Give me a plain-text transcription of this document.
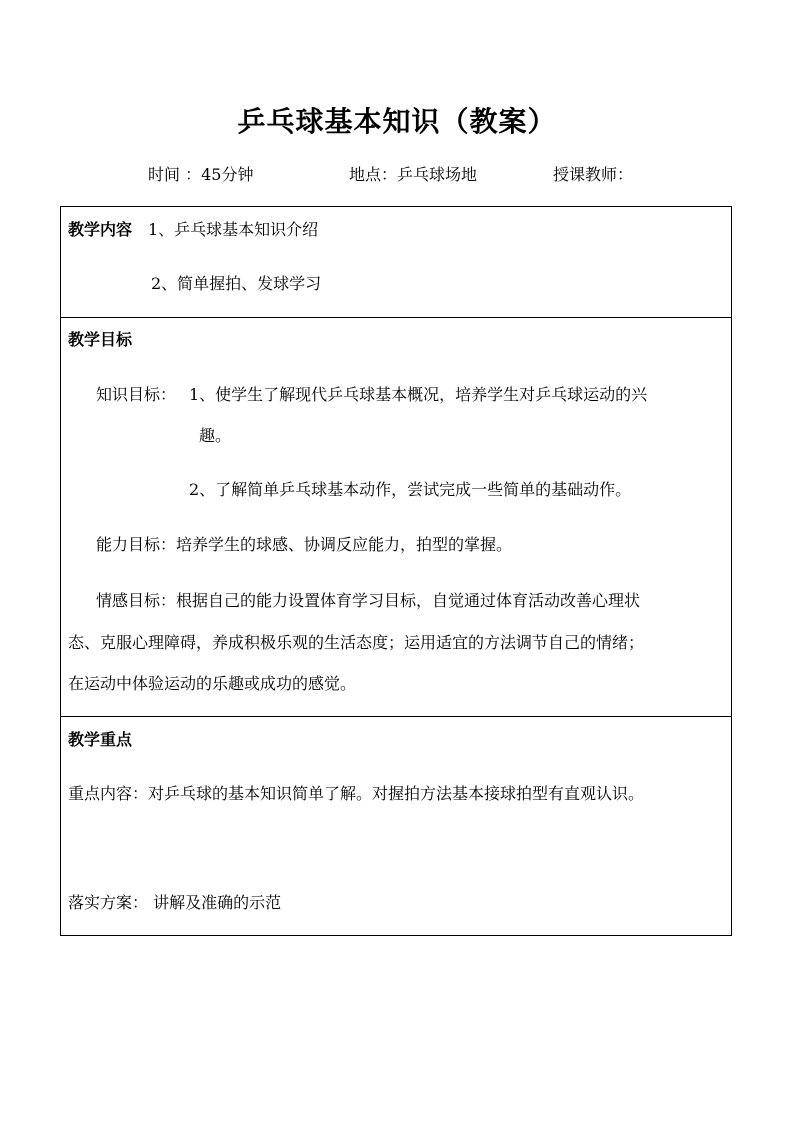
乒乓球基本知识（教案）
时间 ：45分钟	地点：乒乓球场地	授课教师：
教学内容 1、乒乓球基本知识介绍
2、简单握拍、发球学习
教学目标
知识目标： 1、使学生了解现代乒乓球基本概况，培养学生对乒乓球运动的兴
趣。
2、了解简单乒乓球基本动作，尝试完成一些简单的基础动作。
能力目标：培养学生的球感、协调反应能力，拍型的掌握。
情感目标：根据自己的能力设置体育学习目标，自觉通过体育活动改善心理状
态、克服心理障碍，养成积极乐观的生活态度；运用适宜的方法调节自己的情绪；
在运动中体验运动的乐趣或成功的感觉。
教学重点
重点内容：对乒乓球的基本知识简单了解。对握拍方法基本接球拍型有直观认识。
落实方案： 讲解及准确的示范
